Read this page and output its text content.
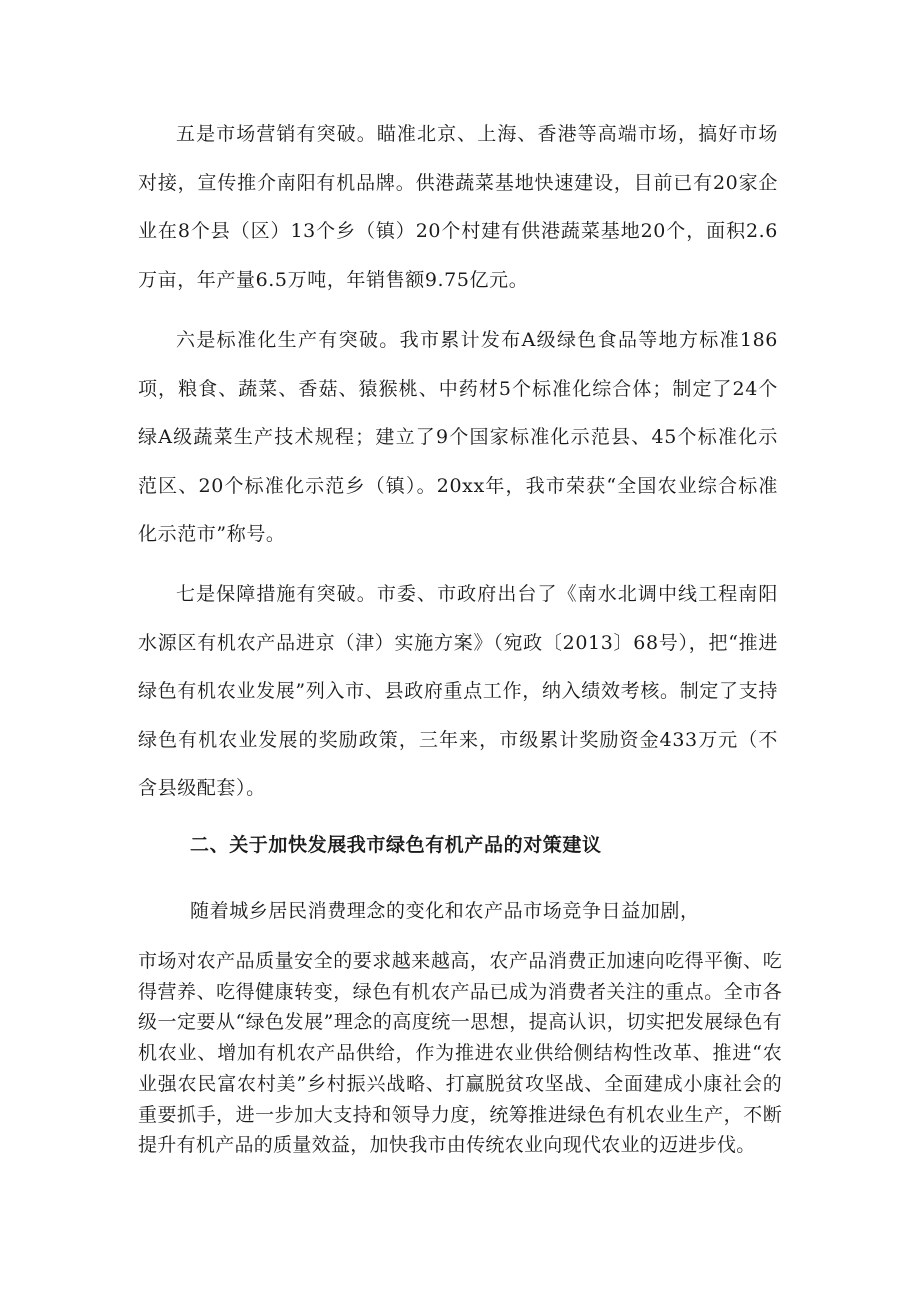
五是市场营销有突破。瞄准北京、上海、香港等高端市场，搞好市场对接，宣传推介南阳有机品牌。供港蔬菜基地快速建设，目前已有20家企业在8个县（区）13个乡（镇）20个村建有供港蔬菜基地20个，面积2.6万亩，年产量6.5万吨，年销售额9.75亿元。

六是标准化生产有突破。我市累计发布A级绿色食品等地方标准186项，粮食、蔬菜、香菇、猿猴桃、中药材5个标准化综合体；制定了24个绿A级蔬菜生产技术规程；建立了9个国家标准化示范县、45个标准化示范区、20个标准化示范乡（镇）。20xx年，我市荣获“全国农业综合标准化示范市”称号。

七是保障措施有突破。市委、市政府出台了《南水北调中线工程南阳水源区有机农产品进京（津）实施方案》（宛政〔2013〕68号），把“推进绿色有机农业发展”列入市、县政府重点工作，纳入绩效考核。制定了支持绿色有机农业发展的奖励政策，三年来，市级累计奖励资金433万元（不含县级配套）。

二、关于加快发展我市绿色有机产品的对策建议

随着城乡居民消费理念的变化和农产品市场竞争日益加剧，

市场对农产品质量安全的要求越来越高，农产品消费正加速向吃得平衡、吃得营养、吃得健康转变，绿色有机农产品已成为消费者关注的重点。全市各级一定要从“绿色发展”理念的高度统一思想，提高认识，切实把发展绿色有机农业、增加有机农产品供给，作为推进农业供给侧结构性改革、推进“农业强农民富农村美”乡村振兴战略、打赢脱贫攻坚战、全面建成小康社会的重要抓手，进一步加大支持和领导力度，统筹推进绿色有机农业生产，不断提升有机产品的质量效益，加快我市由传统农业向现代农业的迈进步伐。
